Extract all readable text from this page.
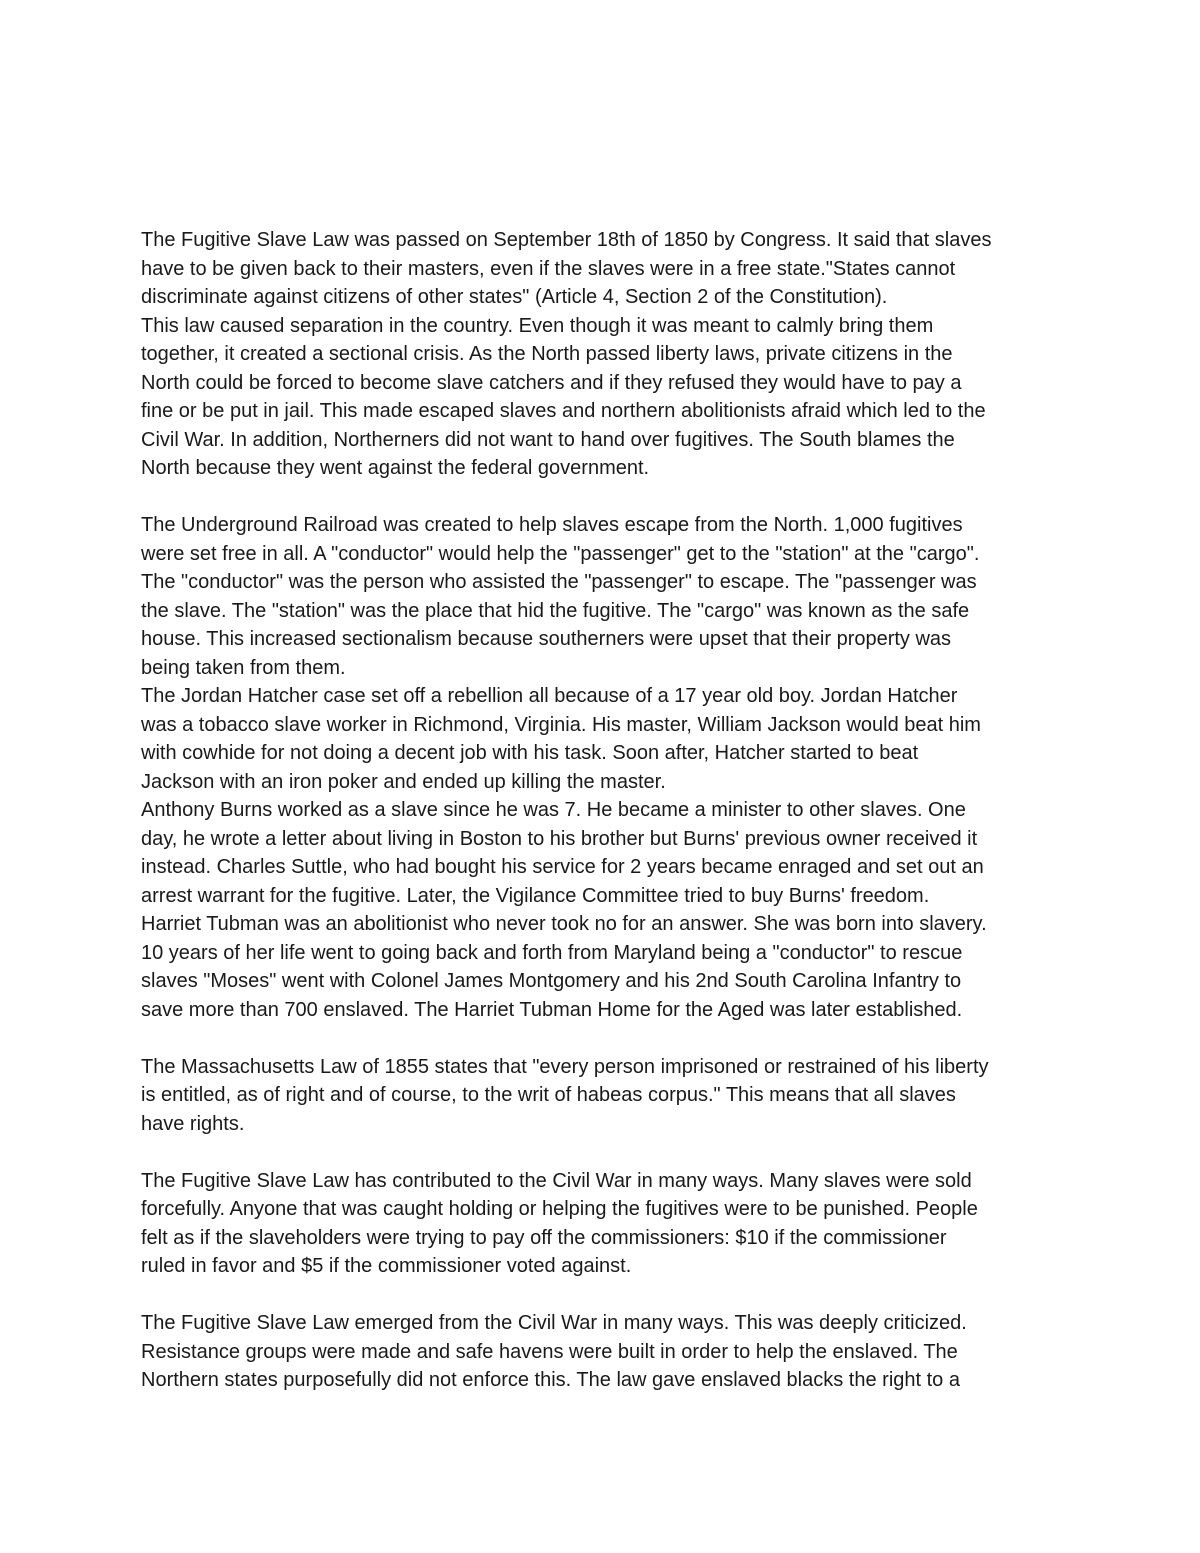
The Fugitive Slave Law was passed on September 18th of 1850 by Congress. It said that slaves
have to be given back to their masters, even if the slaves were in a free state."States cannot
discriminate against citizens of other states" (Article 4, Section 2 of the Constitution).
This law caused separation in the country. Even though it was meant to calmly bring them
together, it created a sectional crisis. As the North passed liberty laws, private citizens in the
North could be forced to become slave catchers and if they refused they would have to pay a
fine or be put in jail. This made escaped slaves and northern abolitionists afraid which led to the
Civil War. In addition, Northerners did not want to hand over fugitives. The South blames the
North because they went against the federal government.
The Underground Railroad was created to help slaves escape from the North. 1,000 fugitives
were set free in all. A "conductor" would help the "passenger" get to the "station" at the "cargo".
The "conductor" was the person who assisted the "passenger" to escape. The "passenger was
the slave. The "station" was the place that hid the fugitive. The "cargo" was known as the safe
house. This increased sectionalism because southerners were upset that their property was
being taken from them.
The Jordan Hatcher case set off a rebellion all because of a 17 year old boy. Jordan Hatcher
was a tobacco slave worker in Richmond, Virginia. His master, William Jackson would beat him
with cowhide for not doing a decent job with his task. Soon after, Hatcher started to beat
Jackson with an iron poker and ended up killing the master.
Anthony Burns worked as a slave since he was 7. He became a minister to other slaves. One
day, he wrote a letter about living in Boston to his brother but Burns' previous owner received it
instead. Charles Suttle, who had bought his service for 2 years became enraged and set out an
arrest warrant for the fugitive. Later, the Vigilance Committee tried to buy Burns' freedom.
Harriet Tubman was an abolitionist who never took no for an answer. She was born into slavery.
10 years of her life went to going back and forth from Maryland being a "conductor" to rescue
slaves "Moses" went with Colonel James Montgomery and his 2nd South Carolina Infantry to
save more than 700 enslaved. The Harriet Tubman Home for the Aged was later established.
The Massachusetts Law of 1855 states that "every person imprisoned or restrained of his liberty
is entitled, as of right and of course, to the writ of habeas corpus." This means that all slaves
have rights.
The Fugitive Slave Law has contributed to the Civil War in many ways. Many slaves were sold
forcefully. Anyone that was caught holding or helping the fugitives were to be punished. People
felt as if the slaveholders were trying to pay off the commissioners: $10 if the commissioner
ruled in favor and $5 if the commissioner voted against.
The Fugitive Slave Law emerged from the Civil War in many ways. This was deeply criticized.
Resistance groups were made and safe havens were built in order to help the enslaved. The
Northern states purposefully did not enforce this. The law gave enslaved blacks the right to a
